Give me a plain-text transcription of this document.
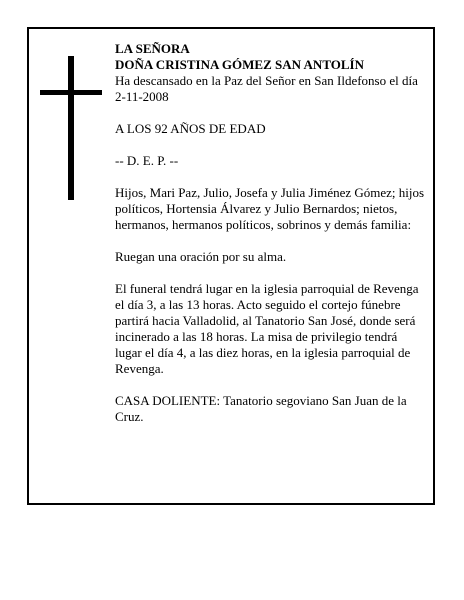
LA SEÑORA

DOÑA CRISTINA GÓMEZ SAN ANTOLÍN

Ha descansado en la Paz del Señor en San Ildefonso el día 2-11-2008

A LOS 92 AÑOS DE EDAD

-- D. E. P. --

Hijos, Mari Paz, Julio, Josefa y Julia Jiménez Gómez; hijos políticos, Hortensia Álvarez y Julio Bernardos; nietos, hermanos, hermanos políticos, sobrinos y demás familia:

Ruegan una oración por su alma.

El funeral tendrá lugar en la iglesia parroquial de Revenga el día 3, a las 13 horas. Acto seguido el cortejo fúnebre partirá hacia Valladolid, al Tanatorio San José, donde será incinerado a las 18 horas. La misa de privilegio tendrá lugar el día 4, a las diez horas, en la iglesia parroquial de Revenga.

CASA DOLIENTE: Tanatorio segoviano San Juan de la Cruz.
